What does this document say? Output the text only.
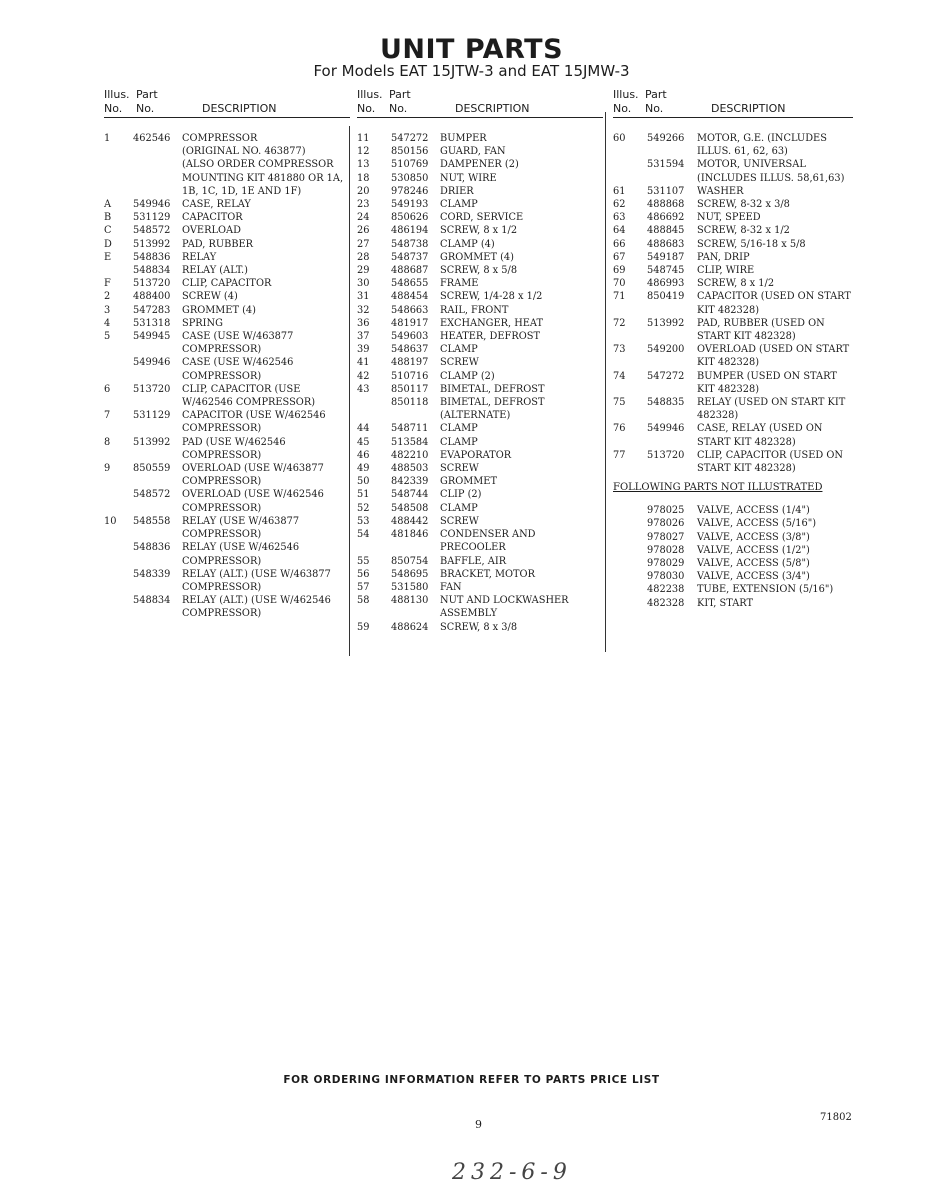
UNIT PARTS
For Models EAT 15JTW-3 and EAT 15JMW-3
Illus. Part
No. No.	DESCRIPTION
1	462546	COMPRESSOR
(ORIGINAL NO. 463877)
(ALSO ORDER COMPRESSOR MOUNTING KIT 481880 OR 1A, 1B, 1C, 1D, 1E AND 1F)
A	549946	CASE, RELAY
B	531129	CAPACITOR
C	548572	OVERLOAD
D	513992	PAD, RUBBER
E	548836	RELAY
548834	RELAY (ALT.)
F	513720	CLIP, CAPACITOR
2	488400	SCREW (4)
3	547283	GROMMET (4)
4	531318	SPRING
5	549945	CASE (USE W/463877 COMPRESSOR)
549946	CASE (USE W/462546 COMPRESSOR)
6	513720	CLIP, CAPACITOR (USE W/462546 COMPRESSOR)
7	531129	CAPACITOR (USE W/462546 COMPRESSOR)
8	513992	PAD (USE W/462546 COMPRESSOR)
9	850559	OVERLOAD (USE W/463877 COMPRESSOR)
548572	OVERLOAD (USE W/462546 COMPRESSOR)
10	548558	RELAY (USE W/463877 COMPRESSOR)
548836	RELAY (USE W/462546 COMPRESSOR)
548339	RELAY (ALT.) (USE W/463877 COMPRESSOR)
548834	RELAY (ALT.) (USE W/462546 COMPRESSOR)
Illus. Part
No. No.	DESCRIPTION
11	547272	BUMPER
12	850156	GUARD, FAN
13	510769	DAMPENER (2)
18	530850	NUT, WIRE
20	978246	DRIER
23	549193	CLAMP
24	850626	CORD, SERVICE
26	486194	SCREW, 8 x 1/2
27	548738	CLAMP (4)
28	548737	GROMMET (4)
29	488687	SCREW, 8 x 5/8
30	548655	FRAME
31	488454	SCREW, 1/4-28 x 1/2
32	548663	RAIL, FRONT
36	481917	EXCHANGER, HEAT
37	549603	HEATER, DEFROST
39	548637	CLAMP
41	488197	SCREW
42	510716	CLAMP (2)
43	850117	BIMETAL, DEFROST
850118	BIMETAL, DEFROST (ALTERNATE)
44	548711	CLAMP
45	513584	CLAMP
46	482210	EVAPORATOR
49	488503	SCREW
50	842339	GROMMET
51	548744	CLIP (2)
52	548508	CLAMP
53	488442	SCREW
54	481846	CONDENSER AND PRECOOLER
55	850754	BAFFLE, AIR
56	548695	BRACKET, MOTOR
57	531580	FAN
58	488130	NUT AND LOCKWASHER ASSEMBLY
59	488624	SCREW, 8 x 3/8
Illus. Part
No. No.	DESCRIPTION
60	549266	MOTOR, G.E. (INCLUDES ILLUS. 61, 62, 63)
531594	MOTOR, UNIVERSAL (INCLUDES ILLUS. 58,61,63)
61	531107	WASHER
62	488868	SCREW, 8-32 x 3/8
63	486692	NUT, SPEED
64	488845	SCREW, 8-32 x 1/2
66	488683	SCREW, 5/16-18 x 5/8
67	549187	PAN, DRIP
69	548745	CLIP, WIRE
70	486993	SCREW, 8 x 1/2
71	850419	CAPACITOR (USED ON START KIT 482328)
72	513992	PAD, RUBBER (USED ON START KIT 482328)
73	549200	OVERLOAD (USED ON START KIT 482328)
74	547272	BUMPER (USED ON START KIT 482328)
75	548835	RELAY (USED ON START KIT 482328)
76	549946	CASE, RELAY (USED ON START KIT 482328)
77	513720	CLIP, CAPACITOR (USED ON START KIT 482328)
FOLLOWING PARTS NOT ILLUSTRATED
978025 VALVE, ACCESS (1/4")
978026 VALVE, ACCESS (5/16")
978027 VALVE, ACCESS (3/8")
978028 VALVE, ACCESS (1/2")
978029 VALVE, ACCESS (5/8")
978030 VALVE, ACCESS (3/4")
482238 TUBE, EXTENSION (5/16")
482328 KIT, START
FOR ORDERING INFORMATION REFER TO PARTS PRICE LIST
9
71802
232-6-9
